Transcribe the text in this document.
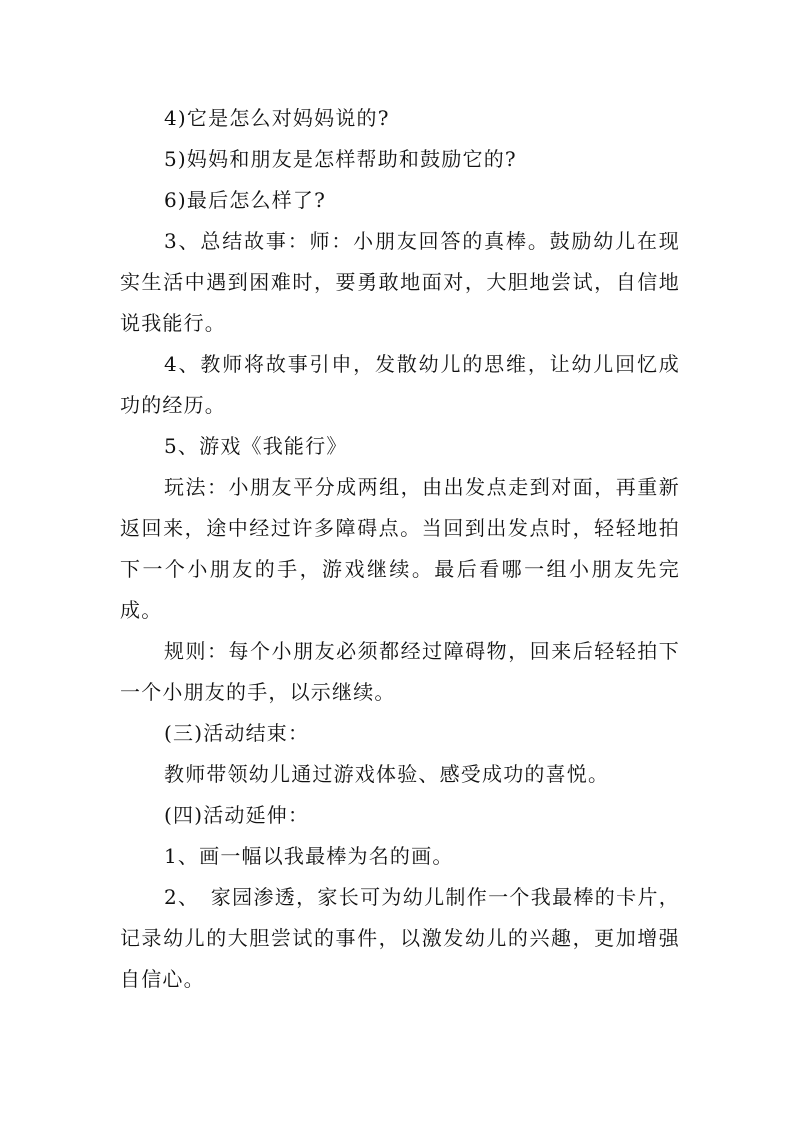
4)它是怎么对妈妈说的?

5)妈妈和朋友是怎样帮助和鼓励它的?

6)最后怎么样了?

3、总结故事：师：小朋友回答的真棒。鼓励幼儿在现实生活中遇到困难时，要勇敢地面对，大胆地尝试，自信地说我能行。

4、教师将故事引申，发散幼儿的思维，让幼儿回忆成功的经历。

5、游戏《我能行》

玩法：小朋友平分成两组，由出发点走到对面，再重新返回来，途中经过许多障碍点。当回到出发点时，轻轻地拍下一个小朋友的手，游戏继续。最后看哪一组小朋友先完成。

规则：每个小朋友必须都经过障碍物，回来后轻轻拍下一个小朋友的手，以示继续。

(三)活动结束：

教师带领幼儿通过游戏体验、感受成功的喜悦。

(四)活动延伸：

1、画一幅以我最棒为名的画。

2、　家园渗透，家长可为幼儿制作一个我最棒的卡片，记录幼儿的大胆尝试的事件，以激发幼儿的兴趣，更加增强自信心。
